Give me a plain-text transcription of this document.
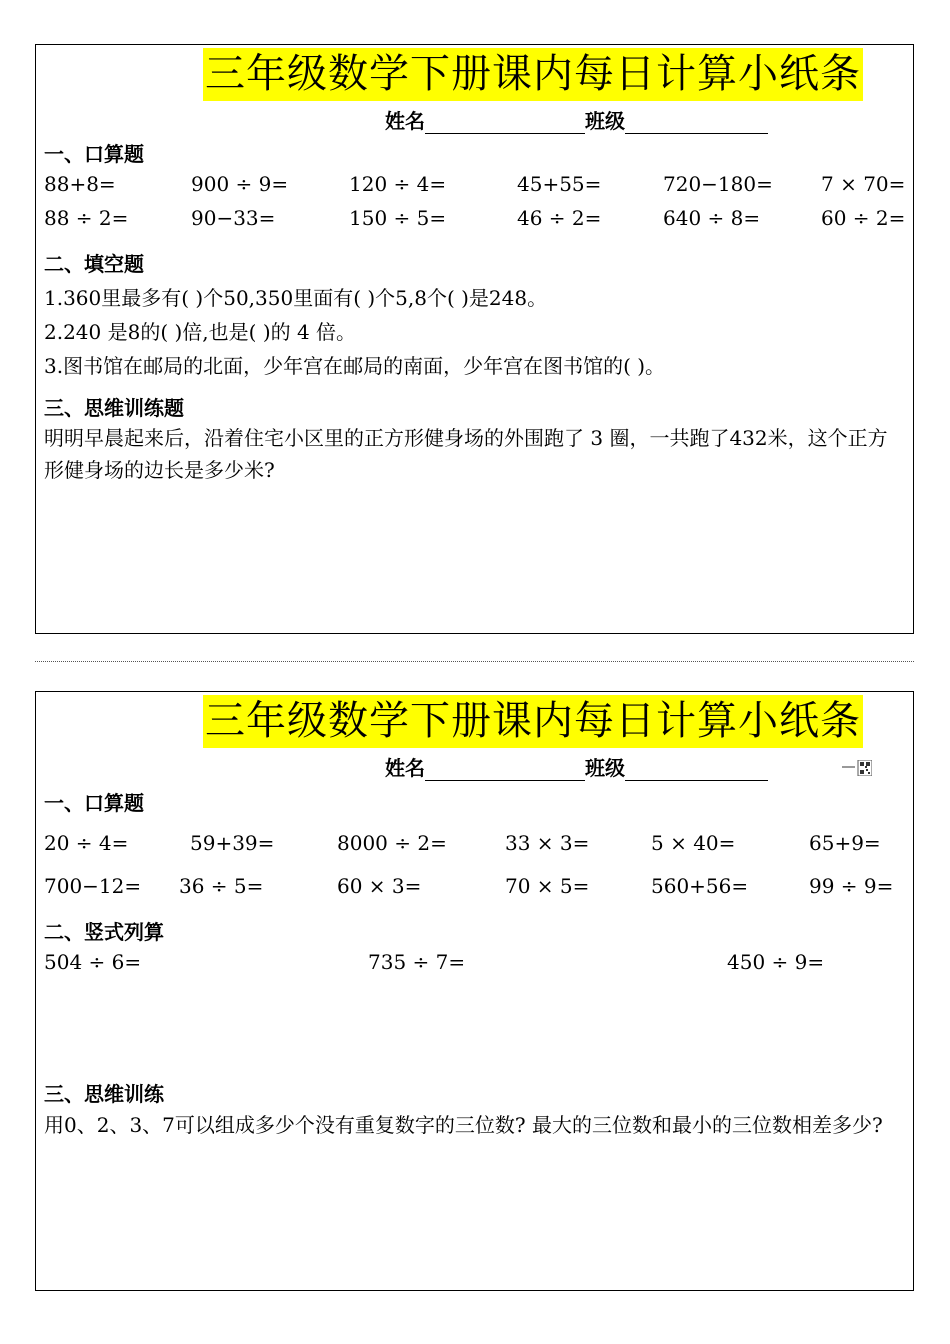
三年级数学下册课内每日计算小纸条
姓名	班级
一、口算题
88+8=	900 ÷ 9=	120 ÷ 4=	45+55=	720−180= 7 × 70=
88 ÷ 2=	90−33=	150 ÷ 5=	46 ÷ 2=	640 ÷ 8=	60 ÷ 2=
二、填空题
1.360里最多有( )个50,350里面有( )个5,8个( )是248。
2.240 是8的( )倍,也是( )的 4 倍。
3.图书馆在邮局的北面，少年宫在邮局的南面，少年宫在图书馆的( )。
三、思维训练题
明明早晨起来后，沿着住宅小区里的正方形健身场的外围跑了 3 圈，一共跑了432米，这个正方形健身场的边长是多少米?
三年级数学下册课内每日计算小纸条
姓名	班级
一、口算题
20 ÷ 4=	59+39=	8000 ÷ 2=	33 × 3=	5 × 40=	65+9=
700−12= 36 ÷ 5=	60 × 3=	70 × 5=	560+56=	99 ÷ 9=
二、竖式列算
504 ÷ 6=	735 ÷ 7=	450 ÷ 9=
三、思维训练
用0、2、3、7可以组成多少个没有重复数字的三位数? 最大的三位数和最小的三位数相差多少?
